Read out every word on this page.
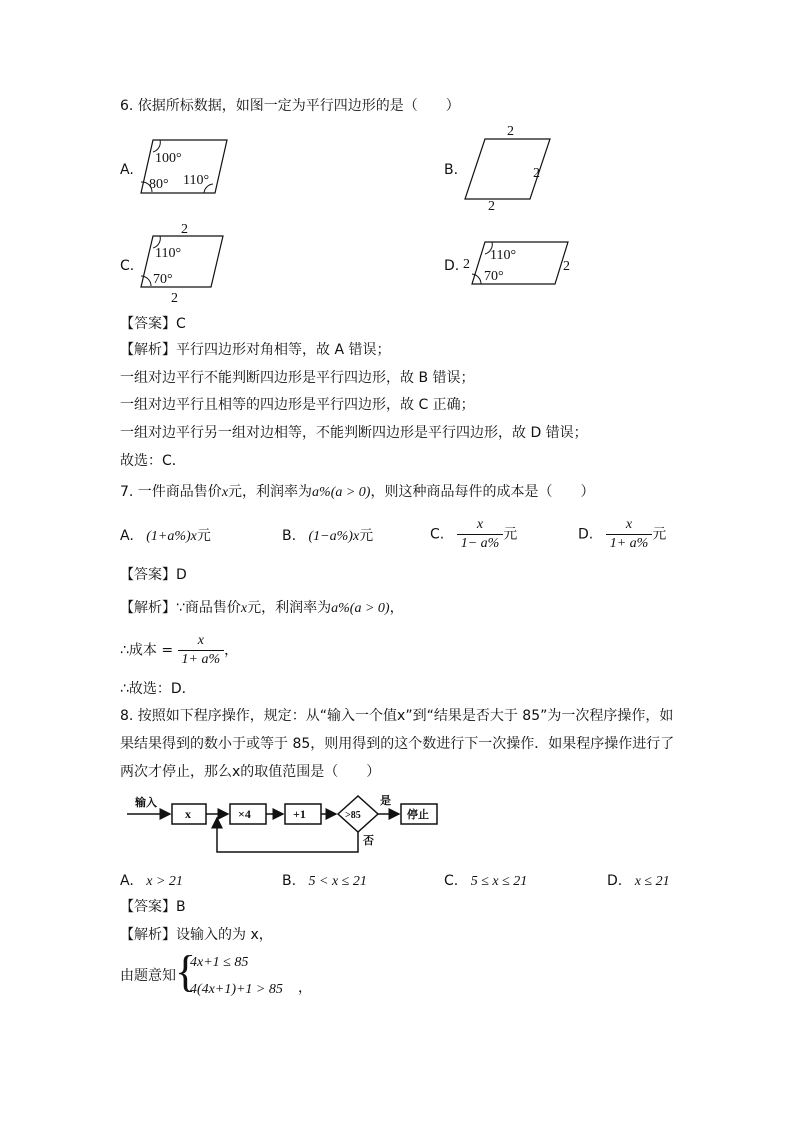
6. 依据所标数据，如图一定为平行四边形的是（　　）
A.
100°
80° 110°
B.
2
2
2
C.
2
110°
70°
2
D. 2
110°
70°
2
【答案】C
【解析】平行四边形对角相等，故 A 错误；
一组对边平行不能判断四边形是平行四边形，故 B 错误；
一组对边平行且相等的四边形是平行四边形，故 C 正确；
一组对边平行另一组对边相等，不能判断四边形是平行四边形，故 D 错误；
故选：C．
7. 一件商品售价x元，利润率为a%(a > 0)，则这种商品每件的成本是（　　）
A. (1+a%)x元	B. (1−a%)x元	C. $\frac{x}{1- a\%}$ 元	D. $\frac{x}{1+ a\%}$ 元
【答案】D
【解析】∵商品售价x元，利润率为a%(a > 0)，
∴成本 = $\frac{x}{1+ a\%}$ ，
∴故选：D．
8. 按照如下程序操作，规定：从“输入一个值x”到“结果是否大于 85”为一次程序操作，如
果结果得到的数小于或等于 85，则用得到的这个数进行下一次操作．如果程序操作进行了
两次才停止，那么x的取值范围是（　　）
输入
x	×4	+1	>85
是
停止
否
A. x > 21	B. 5 < x ≤ 21	C. 5 ≤ x ≤ 21	D. x ≤ 21
【答案】B
【解析】设输入的为 x，
由题意知 {
4x+1 ≤ 85
4(4x+1)+1 > 85 ，
